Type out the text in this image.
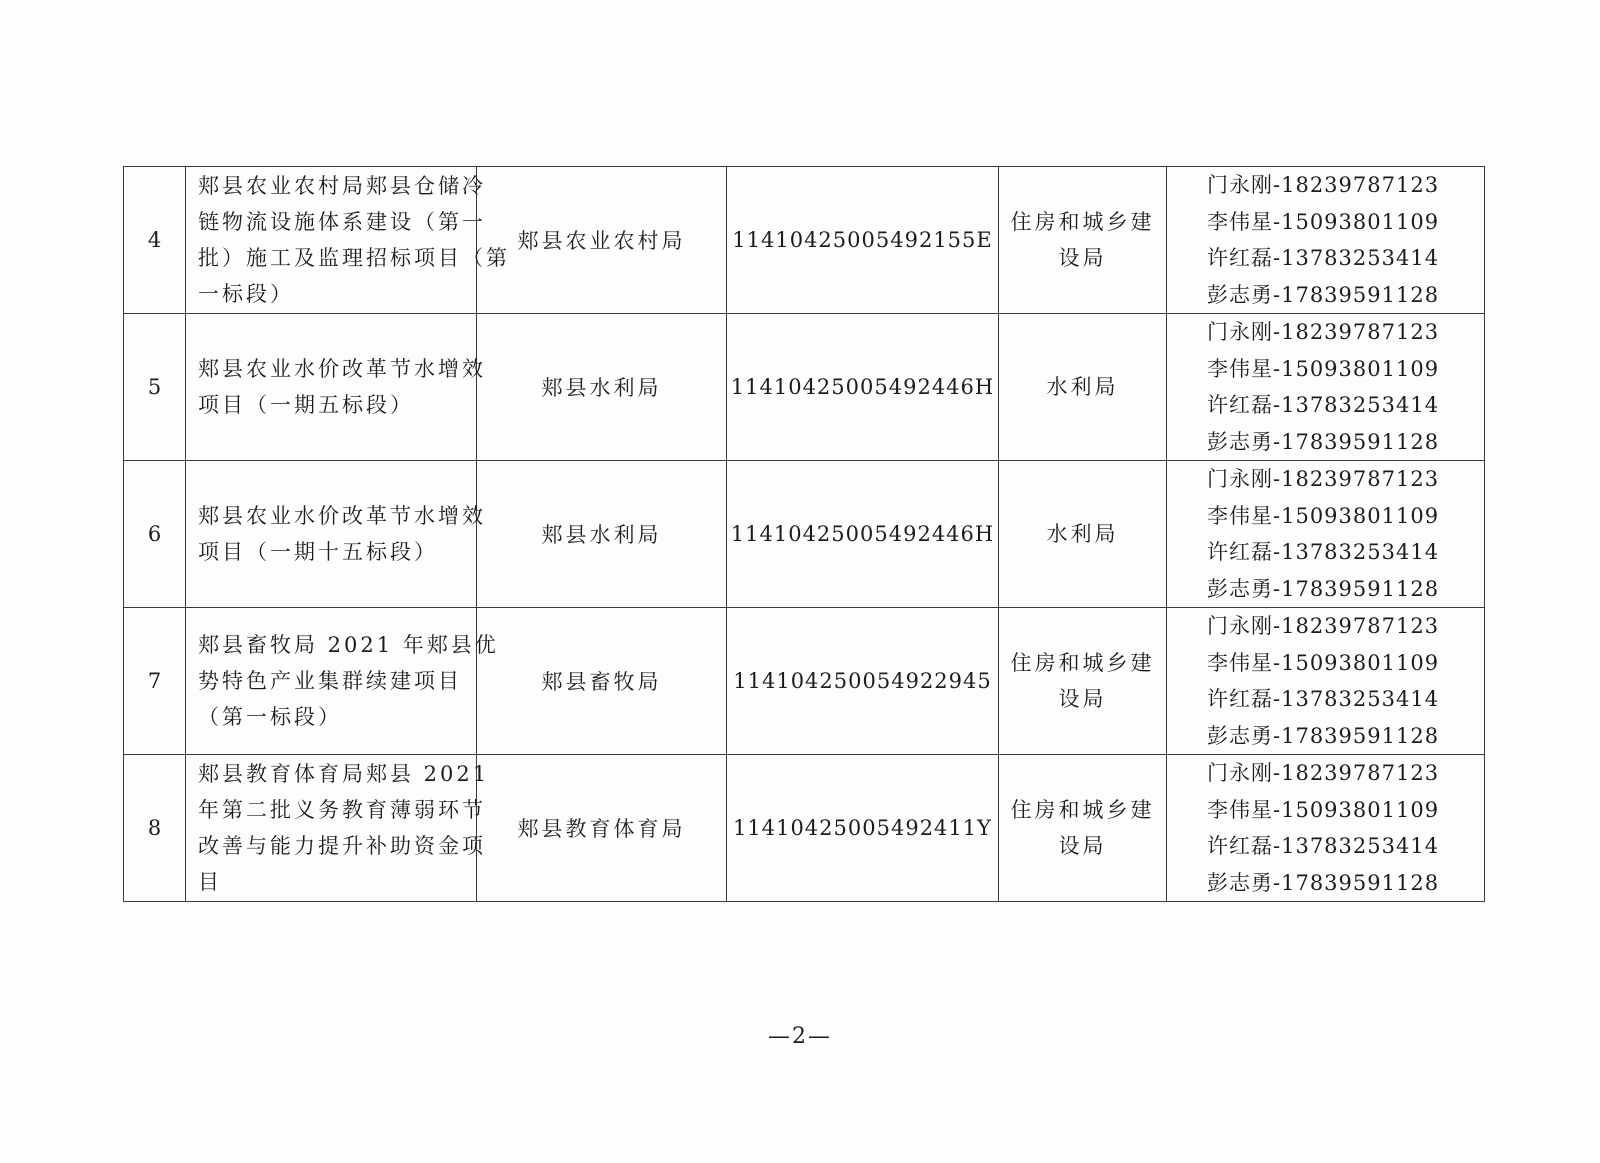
4	郏县农业农村局郏县仓储冷
链物流设施体系建设（第一
批）施工及监理招标项目（第
一标段）	郏县农业农村局	11410425005492155E	住房和城乡建
设局	门永刚-18239787123
李伟星-15093801109
许红磊-13783253414
彭志勇-17839591128

5	郏县农业水价改革节水增效
项目（一期五标段）	郏县水利局	11410425005492446H	水利局	门永刚-18239787123
李伟星-15093801109
许红磊-13783253414
彭志勇-17839591128

6	郏县农业水价改革节水增效
项目（一期十五标段）	郏县水利局	11410425005492446H	水利局	门永刚-18239787123
李伟星-15093801109
许红磊-13783253414
彭志勇-17839591128

7	郏县畜牧局 2021 年郏县优
势特色产业集群续建项目
（第一标段）	郏县畜牧局	114104250054922945	住房和城乡建
设局	门永刚-18239787123
李伟星-15093801109
许红磊-13783253414
彭志勇-17839591128

8	郏县教育体育局郏县 2021
年第二批义务教育薄弱环节
改善与能力提升补助资金项
目	郏县教育体育局	11410425005492411Y	住房和城乡建
设局	门永刚-18239787123
李伟星-15093801109
许红磊-13783253414
彭志勇-17839591128
—2—
